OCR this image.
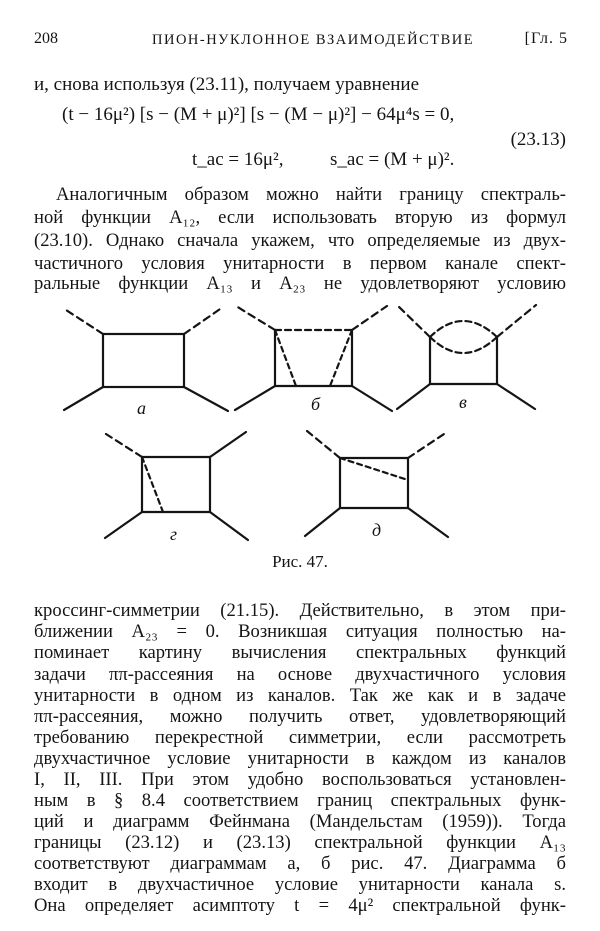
208	ПИОН-НУКЛОННОЕ ВЗАИМОДЕЙСТВИЕ	[Гл. 5
и, снова используя (23.11), получаем уравнение
(t − 16μ²) [s − (M + μ)²] [s − (M − μ)²] − 64μ⁴s = 0,
(23.13)
t_ac = 16μ², s_ac = (M + μ)².
Аналогичным образом можно найти границу спектраль-
ной функции A₁₂, если использовать вторую из формул
(23.10). Однако сначала укажем, что определяемые из двух-
частичного условия унитарности в первом канале спект-
ральные функции A₁₃ и A₂₃ не удовлетворяют условию
а	б	в
г	д
Рис. 47.
кроссинг-симметрии (21.15). Действительно, в этом при-
ближении A₂₃ = 0. Возникшая ситуация полностью на-
поминает картину вычисления спектральных функций
задачи ππ-рассеяния на основе двухчастичного условия
унитарности в одном из каналов. Так же как и в задаче
ππ-рассеяния, можно получить ответ, удовлетворяющий
требованию перекрестной симметрии, если рассмотреть
двухчастичное условие унитарности в каждом из каналов
I, II, III. При этом удобно воспользоваться установлен-
ным в § 8.4 соответствием границ спектральных функ-
ций и диаграмм Фейнмана (Мандельстам (1959)). Тогда
границы (23.12) и (23.13) спектральной функции A₁₃
соответствуют диаграммам а, б рис. 47. Диаграмма б
входит в двухчастичное условие унитарности канала s.
Она определяет асимптоту t = 4μ² спектральной функ-
